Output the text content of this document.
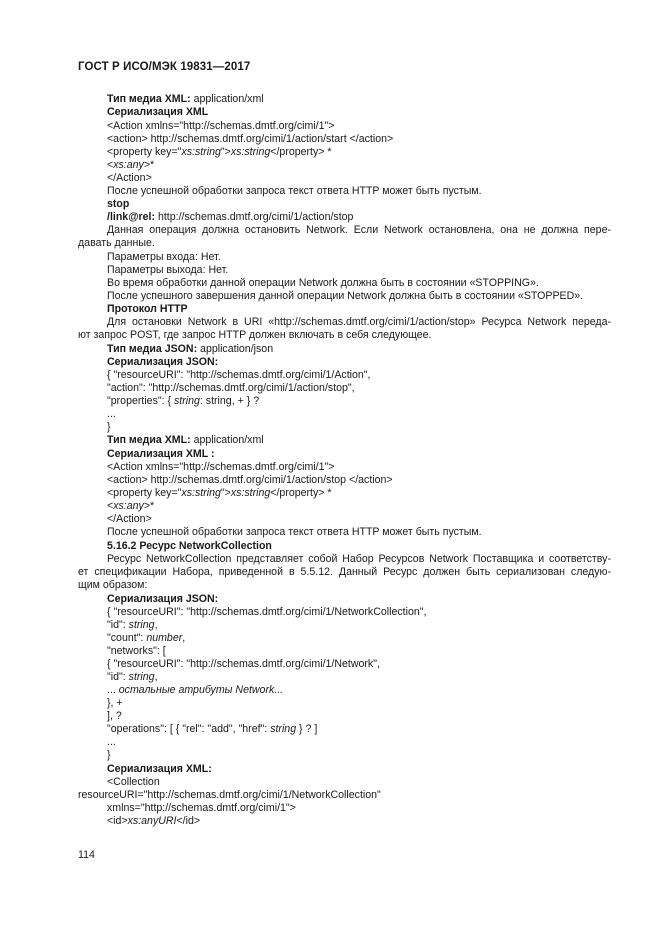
ГОСТ Р ИСО/МЭК 19831—2017
Тип медиа XML: application/xml
Сериализация XML
<Action xmlns="http://schemas.dmtf.org/cimi/1">
<action> http://schemas.dmtf.org/cimi/1/action/start </action>
<property key="xs:string">xs:string</property> *
<xs:any>*
</Action>
После успешной обработки запроса текст ответа HTTP может быть пустым.
stop
/link@rel: http://schemas.dmtf.org/cimi/1/action/stop
Данная операция должна остановить Network. Если Network остановлена, она не должна пере-
давать данные.
Параметры входа: Нет.
Параметры выхода: Нет.
Во время обработки данной операции Network должна быть в состоянии «STOPPING».
После успешного завершения данной операции Network должна быть в состоянии «STOPPED».
Протокол HTTP
Для остановки Network в URI «http://schemas.dmtf.org/cimi/1/action/stop» Ресурса Network переда-
ют запрос POST, где запрос HTTP должен включать в себя следующее.
Тип медиа JSON: application/json
Сериализация JSON:
{ "resourceURI": "http://schemas.dmtf.org/cimi/1/Action",
"action": "http://schemas.dmtf.org/cimi/1/action/stop",
"properties": { string: string, + } ?
...
}
Тип медиа XML: application/xml
Сериализация XML :
<Action xmlns="http://schemas.dmtf.org/cimi/1">
<action> http://schemas.dmtf.org/cimi/1/action/stop </action>
<property key="xs:string">xs:string</property> *
<xs:any>*
</Action>
После успешной обработки запроса текст ответа HTTP может быть пустым.
5.16.2 Ресурс NetworkCollection
Ресурс NetworkCollection представляет собой Набор Ресурсов Network Поставщика и соответству-
ет спецификации Набора, приведенной в 5.5.12. Данный Ресурс должен быть сериализован следую-
щим образом:
Сериализация JSON:
{ "resourceURI": "http://schemas.dmtf.org/cimi/1/NetworkCollection",
"id": string,
"count": number,
"networks": [
{ "resourceURI": "http://schemas.dmtf.org/cimi/1/Network",
"id": string,
... остальные атрибуты Network...
}, +
], ?
"operations": [ { "rel": "add", "href": string } ? ]
...
}
Сериализация XML:
<Collection
resourceURI="http://schemas.dmtf.org/cimi/1/NetworkCollection"
xmlns="http://schemas.dmtf.org/cimi/1">
<id>xs:anyURI</id>
114
